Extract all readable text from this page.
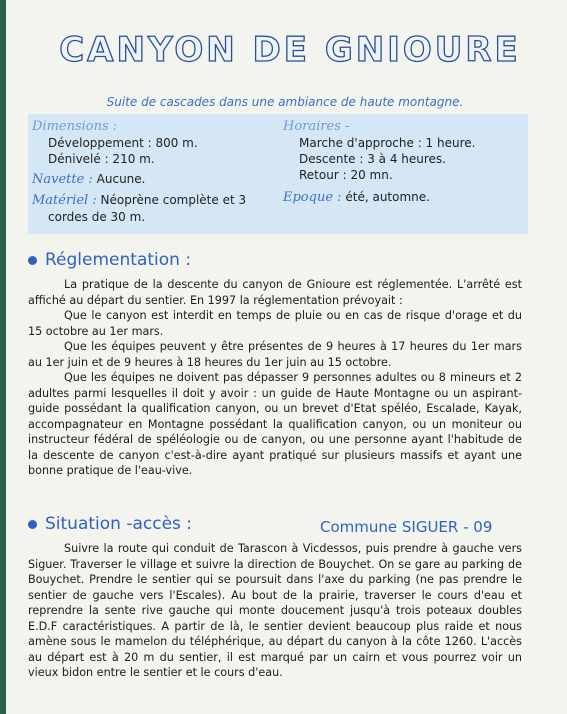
CANYON DE GNIOURE
Suite de cascades dans une ambiance de haute montagne.
Dimensions :
Développement : 800 m.
Dénivelé : 210 m.
Navette : Aucune.
Matériel : Néoprène complète et 3
cordes de 30 m.
Horaires -
Marche d'approche : 1 heure.
Descente : 3 à 4 heures.
Retour : 20 mn.
Epoque : été, automne.
Réglementation :

La pratique de la descente du canyon de Gnioure est réglementée. L'arrêté est affiché au départ du sentier. En 1997 la réglementation prévoyait :

Que le canyon est interdit en temps de pluie ou en cas de risque d'orage et du 15 octobre au 1er mars.

Que les équipes peuvent y être présentes de 9 heures à 17 heures du 1er mars au 1er juin et de 9 heures à 18 heures du 1er juin au 15 octobre.

Que les équipes ne doivent pas dépasser 9 personnes adultes ou 8 mineurs et 2 adultes parmi lesquelles il doit y avoir : un guide de Haute Montagne ou un aspirant-guide possédant la qualification canyon, ou un brevet d'Etat spéléo, Escalade, Kayak, accompagnateur en Montagne possédant la qualification canyon, ou un moniteur ou instructeur fédéral de spéléologie ou de canyon, ou une personne ayant l'habitude de la descente de canyon c'est-à-dire ayant pratiqué sur plusieurs massifs et ayant une bonne pratique de l'eau-vive.

Situation -accès :	Commune SIGUER - 09

Suivre la route qui conduit de Tarascon à Vicdessos, puis prendre à gauche vers Siguer. Traverser le village et suivre la direction de Bouychet. On se gare au parking de Bouychet. Prendre le sentier qui se poursuit dans l'axe du parking (ne pas prendre le sentier de gauche vers l'Escales). Au bout de la prairie, traverser le cours d'eau et reprendre la sente rive gauche qui monte doucement jusqu'à trois poteaux doubles E.D.F caractéristiques. A partir de là, le sentier devient beaucoup plus raide et nous amène sous le mamelon du téléphérique, au départ du canyon à la côte 1260. L'accès au départ est à 20 m du sentier, il est marqué par un cairn et vous pourrez voir un vieux bidon entre le sentier et le cours d'eau.
